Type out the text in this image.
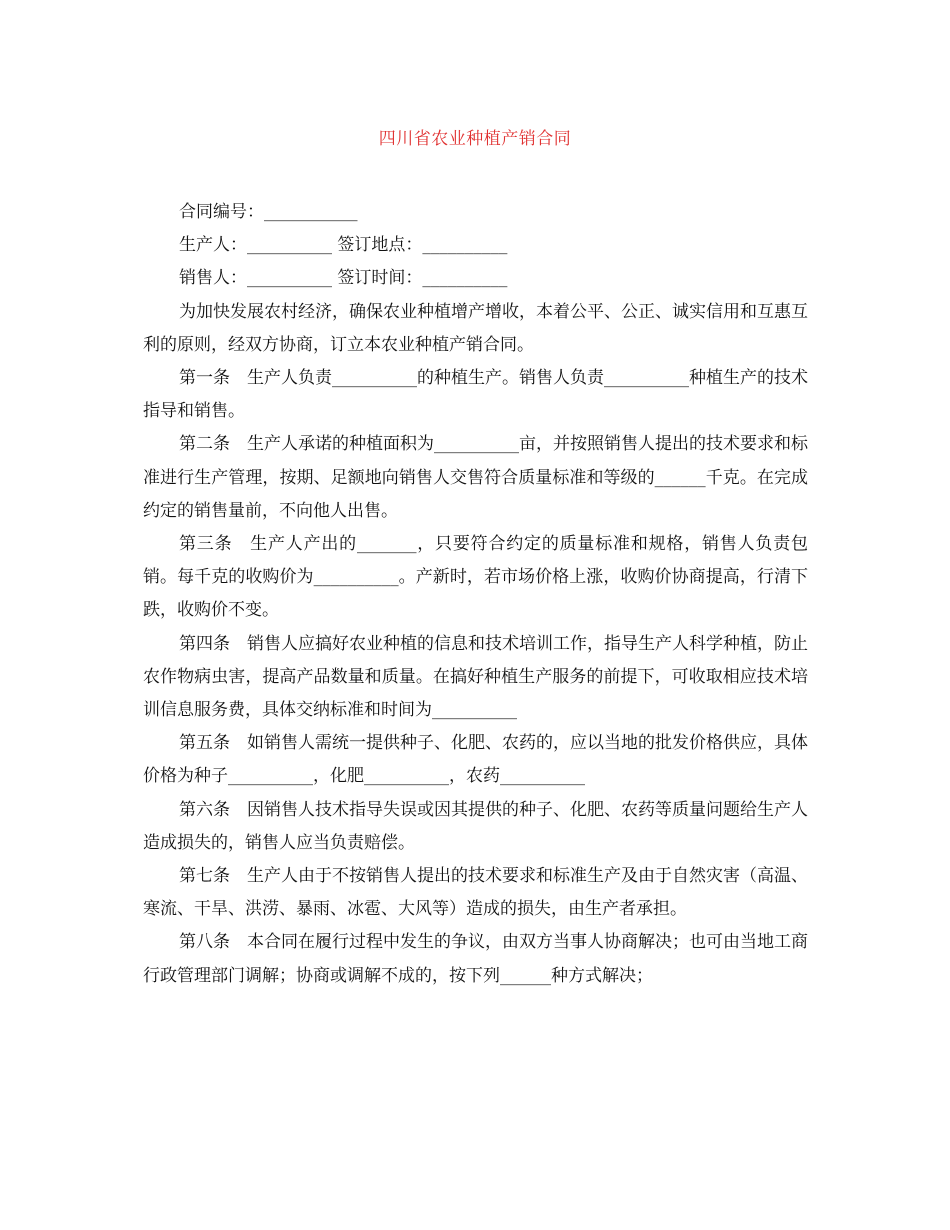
四川省农业种植产销合同

合同编号：___________

生产人：__________ 签订地点：__________

销售人：__________ 签订时间：__________

为加快发展农村经济，确保农业种植增产增收，本着公平、公正、诚实信用和互惠互利的原则，经双方协商，订立本农业种植产销合同。

第一条　生产人负责__________的种植生产。销售人负责__________种植生产的技术指导和销售。

第二条　生产人承诺的种植面积为__________亩，并按照销售人提出的技术要求和标准进行生产管理，按期、足额地向销售人交售符合质量标准和等级的______千克。在完成约定的销售量前，不向他人出售。

第三条　生产人产出的_______，只要符合约定的质量标准和规格，销售人负责包销。每千克的收购价为__________。产新时，若市场价格上涨，收购价协商提高，行清下跌，收购价不变。

第四条　销售人应搞好农业种植的信息和技术培训工作，指导生产人科学种植，防止农作物病虫害，提高产品数量和质量。在搞好种植生产服务的前提下，可收取相应技术培训信息服务费，具体交纳标准和时间为__________

第五条　如销售人需统一提供种子、化肥、农药的，应以当地的批发价格供应，具体价格为种子__________，化肥__________，农药__________

第六条　因销售人技术指导失误或因其提供的种子、化肥、农药等质量问题给生产人造成损失的，销售人应当负责赔偿。

第七条　生产人由于不按销售人提出的技术要求和标准生产及由于自然灾害（高温、寒流、干旱、洪涝、暴雨、冰雹、大风等）造成的损失，由生产者承担。

第八条　本合同在履行过程中发生的争议，由双方当事人协商解决；也可由当地工商行政管理部门调解；协商或调解不成的，按下列______种方式解决；
